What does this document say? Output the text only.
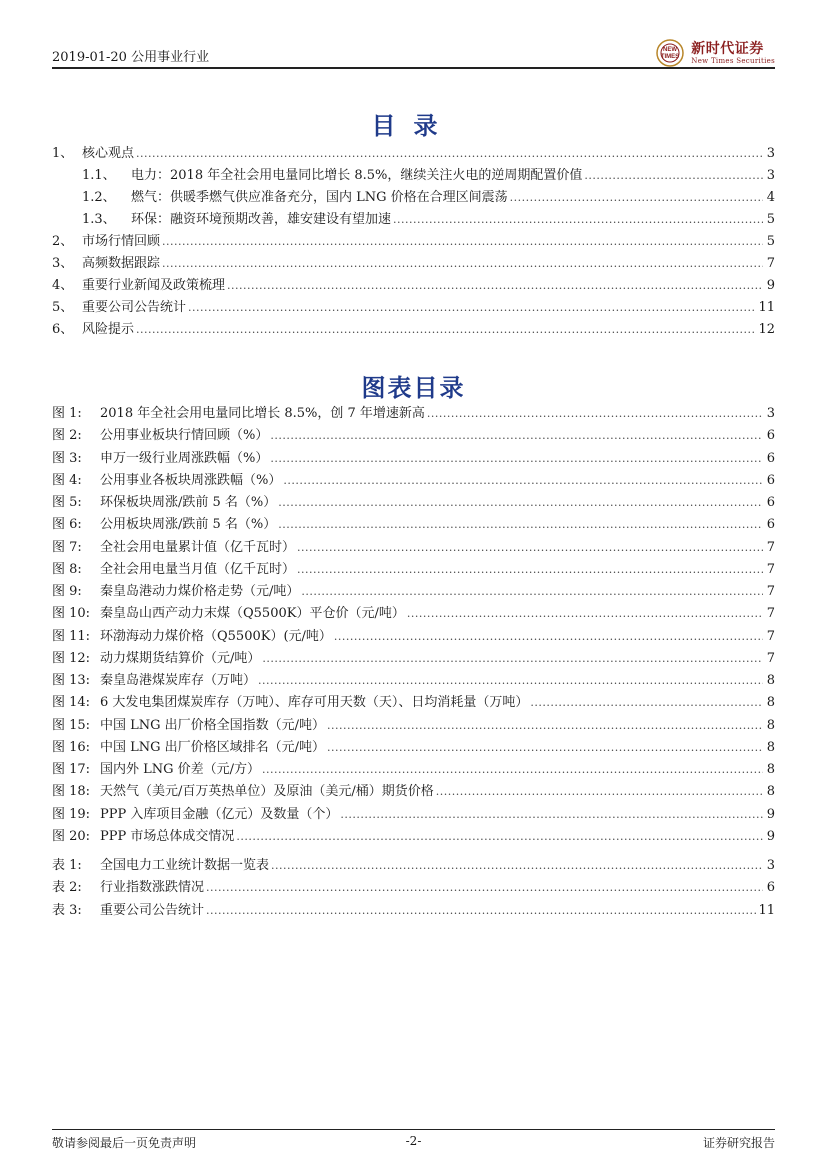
2019-01-20 公用事业行业	NEW
TIMES
新时代证券
New Times Securities
目录
1、 核心观点 .....	3
1.1、	电力：2018 年全社会用电量同比增长 8.5%，继续关注火电的逆周期配置价值 .....	3
1.2、	燃气：供暖季燃气供应准备充分，国内 LNG 价格在合理区间震荡 .....	4
1.3、	环保：融资环境预期改善，雄安建设有望加速 .....	5
2、 市场行情回顾 .....	5
3、 高频数据跟踪 .....	7
4、 重要行业新闻及政策梳理 .....	9
5、 重要公司公告统计 .....	11
6、 风险提示 .....	12
图表目录
图 1:	2018 年全社会用电量同比增长 8.5%，创 7 年增速新高 .....	3
图 2:	公用事业板块行情回顾（%） .....	6
图 3:	申万一级行业周涨跌幅（%） .....	6
图 4:	公用事业各板块周涨跌幅（%） .....	6
图 5:	环保板块周涨/跌前 5 名（%） .....	6
图 6:	公用板块周涨/跌前 5 名（%） .....	6
图 7:	全社会用电量累计值（亿千瓦时） .....	7
图 8:	全社会用电量当月值（亿千瓦时） .....	7
图 9:	秦皇岛港动力煤价格走势（元/吨） .....	7
图 10: 秦皇岛山西产动力末煤（Q5500K）平仓价（元/吨） .....	7
图 11: 环渤海动力煤价格（Q5500K）(元/吨） .....	7
图 12: 动力煤期货结算价（元/吨） .....	7
图 13: 秦皇岛港煤炭库存（万吨） .....	8
图 14: 6 大发电集团煤炭库存（万吨）、库存可用天数（天）、日均消耗量（万吨） .....	8
图 15: 中国 LNG 出厂价格全国指数（元/吨） .....	8
图 16: 中国 LNG 出厂价格区域排名（元/吨） .....	8
图 17: 国内外 LNG 价差（元/方） .....	8
图 18: 天然气（美元/百万英热单位）及原油（美元/桶）期货价格 .....	8
图 19: PPP 入库项目金融（亿元）及数量（个） .....	9
图 20: PPP 市场总体成交情况 .....	9
表 1:	全国电力工业统计数据一览表 .....	3
表 2:	行业指数涨跌情况 .....	6
表 3:	重要公司公告统计 .....	11
敬请参阅最后一页免责声明	-2-	证券研究报告
